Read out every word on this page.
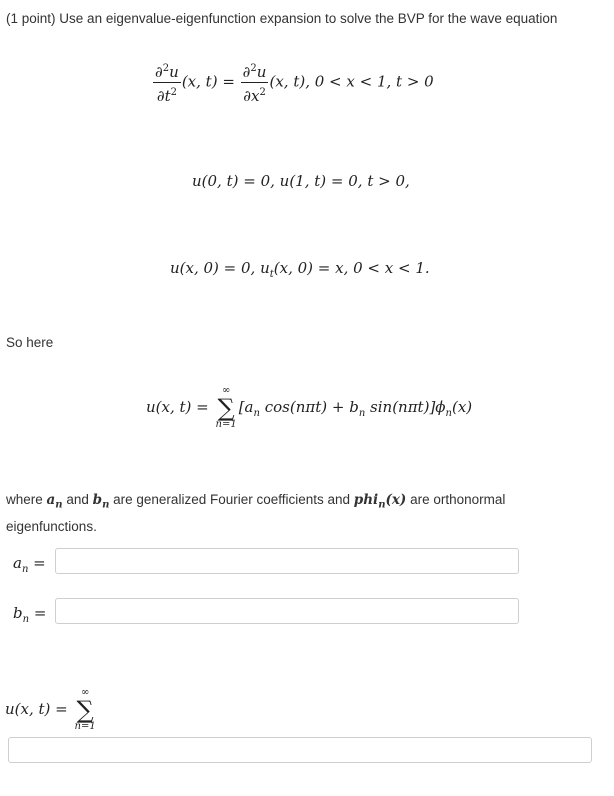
(1 point) Use an eigenvalue-eigenfunction expansion to solve the BVP for the wave equation
$\frac{\partial^2u}{\partial t^2} (x$, $t) = \frac{\partial^2u}{\partial x^2} (x$, t), 0 < x < 1, t > 0
u(0, t) = 0, u(1, t) = 0, t > 0,
u(x, 0) = 0, $u_t(x$, 0) = x, 0 < x < 1.
So here
u(x, t) =
∞
∑
n=1
[$a_n$ $\cos(n\pi t) + b_n$ $\sin(n\pi t)]\phi_n(x)$
where $a_n$ and $b_n$ are generalized Fourier coefficients and phi$_n$(x) are orthonormal
eigenfunctions.
$a_n$ =
$b_n$ =
u(x, t) =
∞
∑
n=1
